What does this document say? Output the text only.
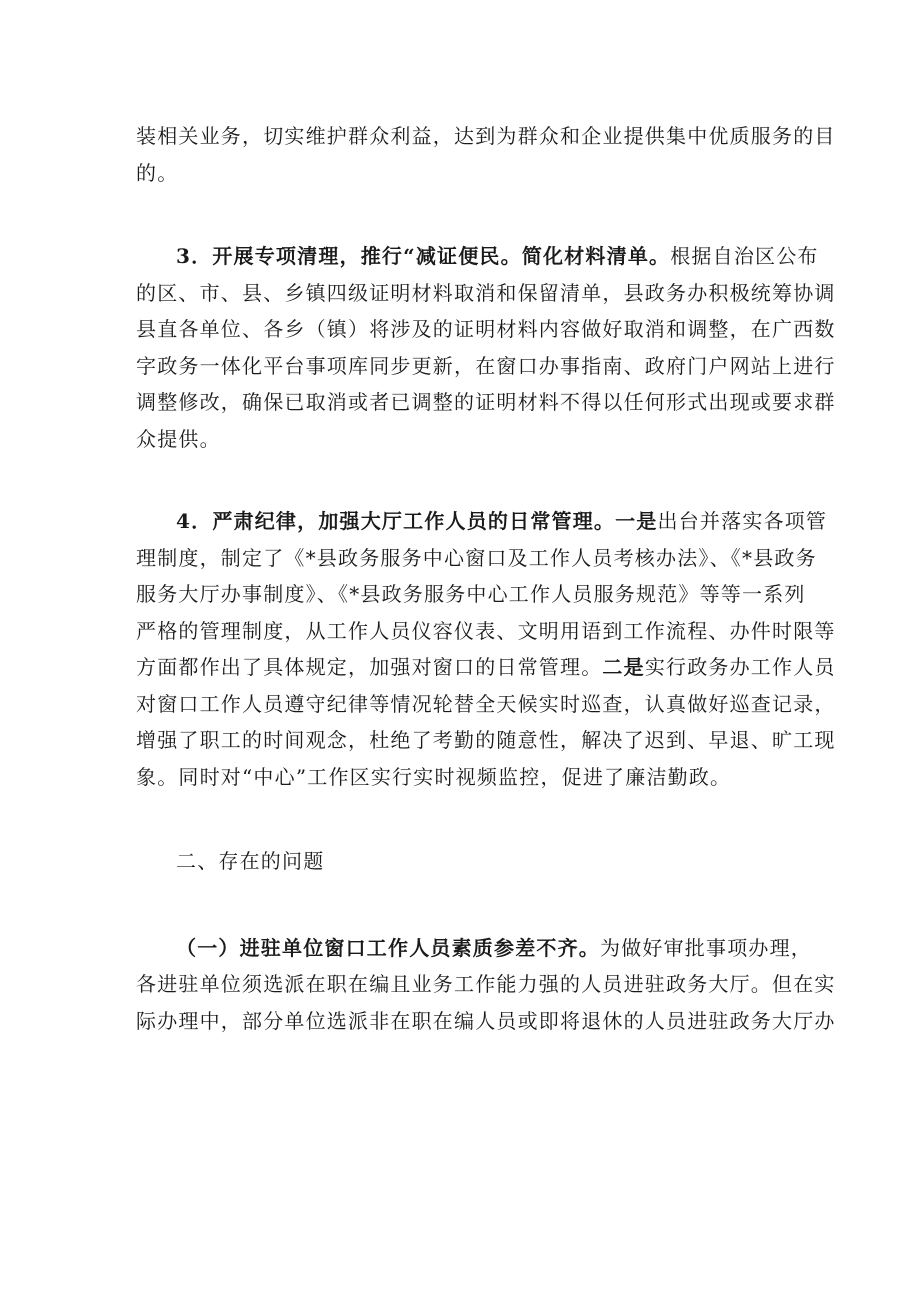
装相关业务，切实维护群众利益，达到为群众和企业提供集中优质服务的目
的。

3．开展专项清理，推行“减证便民。简化材料清单。根据自治区公布
的区、市、县、乡镇四级证明材料取消和保留清单，县政务办积极统筹协调
县直各单位、各乡（镇）将涉及的证明材料内容做好取消和调整，在广西数
字政务一体化平台事项库同步更新，在窗口办事指南、政府门户网站上进行
调整修改，确保已取消或者已调整的证明材料不得以任何形式出现或要求群
众提供。

4．严肃纪律，加强大厅工作人员的日常管理。一是出台并落实各项管
理制度，制定了《*县政务服务中心窗口及工作人员考核办法》、《*县政务
服务大厅办事制度》、《*县政务服务中心工作人员服务规范》等等一系列
严格的管理制度，从工作人员仪容仪表、文明用语到工作流程、办件时限等
方面都作出了具体规定，加强对窗口的日常管理。二是实行政务办工作人员
对窗口工作人员遵守纪律等情况轮替全天候实时巡查，认真做好巡查记录，
增强了职工的时间观念，杜绝了考勤的随意性，解决了迟到、早退、旷工现
象。同时对“中心”工作区实行实时视频监控，促进了廉洁勤政。

二、存在的问题

（一）进驻单位窗口工作人员素质参差不齐。为做好审批事项办理，
各进驻单位须选派在职在编且业务工作能力强的人员进驻政务大厅。但在实
际办理中，部分单位选派非在职在编人员或即将退休的人员进驻政务大厅办
